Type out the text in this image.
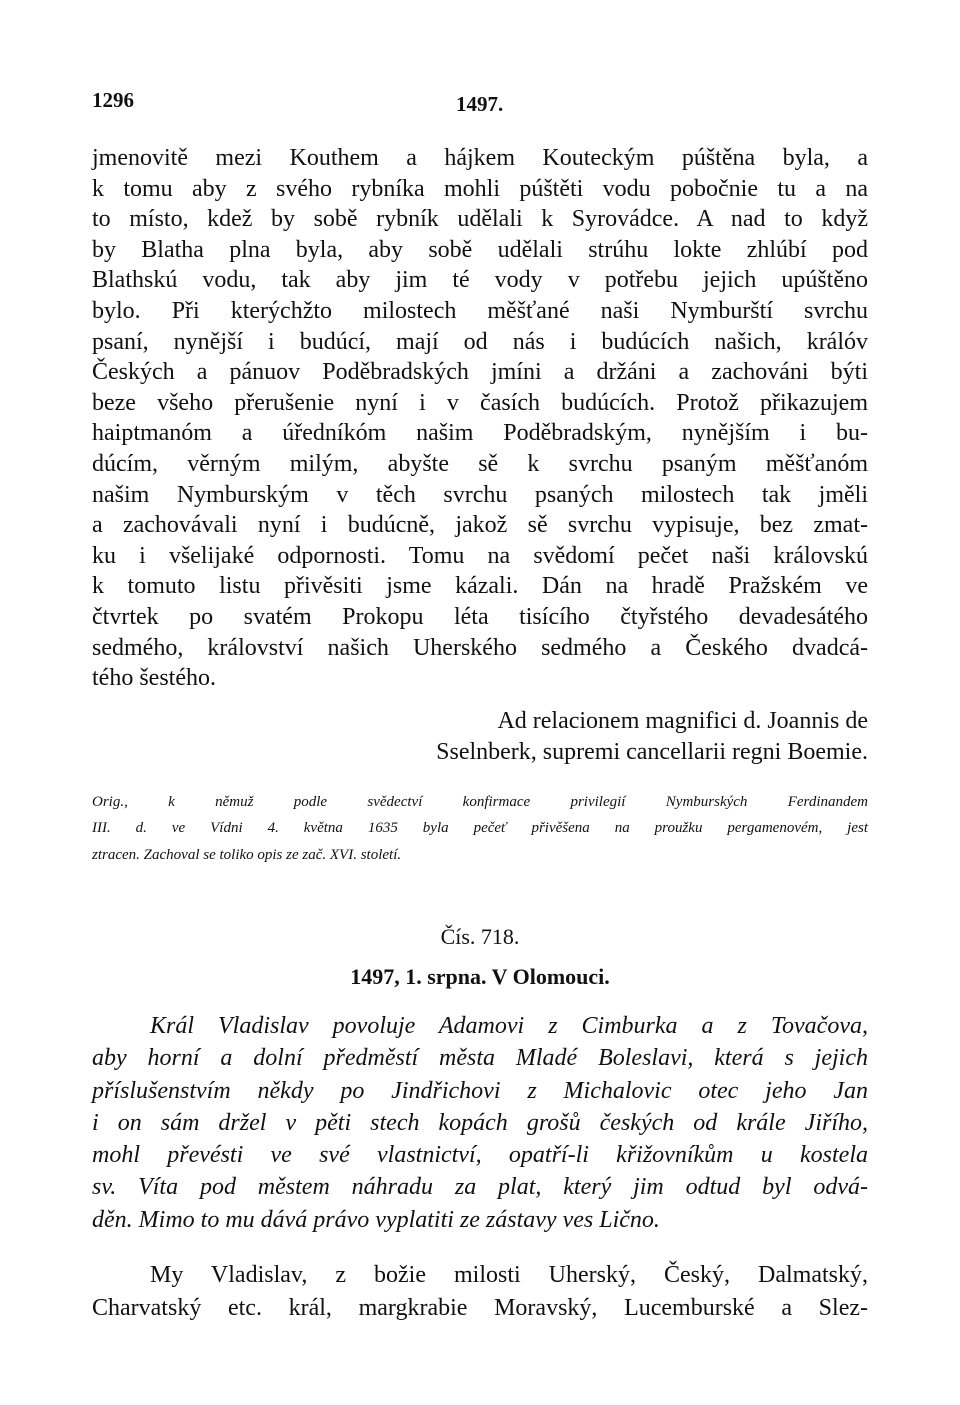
1296	1497.
jmenovitě mezi Kouthem a hájkem Kouteckým púštěna byla, a
k tomu aby z svého rybníka mohli púštěti vodu pobočnie tu a na
to místo, kdež by sobě rybník udělali k Syrovádce. A nad to když
by Blatha plna byla, aby sobě udělali strúhu lokte zhlúbí pod
Blathskú vodu, tak aby jim té vody v potřebu jejich upúštěno
bylo. Při kterýchžto milostech měšťané naši Nymburští svrchu
psaní, nynější i budúcí, mají od nás i budúcích našich, králóv
Českých a pánuov Poděbradských jmíni a držáni a zachováni býti
beze všeho přerušenie nyní i v časích budúcích. Protož přikazujem
haiptmanóm a úředníkóm našim Poděbradským, nynějším i bu-
dúcím, věrným milým, abyšte sě k svrchu psaným měšťanóm
našim Nymburským v těch svrchu psaných milostech tak jměli
a zachovávali nyní i budúcně, jakož sě svrchu vypisuje, bez zmat-
ku i všelijaké odpornosti. Tomu na svědomí pečet naši královskú
k tomuto listu přivěsiti jsme kázali. Dán na hradě Pražském ve
čtvrtek po svatém Prokopu léta tisícího čtyřstého devadesátého
sedmého, království našich Uherského sedmého a Českého dvadcá-
tého šestého.
Ad relacionem magnifici d. Joannis de
Sselnberk, supremi cancellarii regni Boemie.
Orig., k němuž podle svědectví konfirmace privilegií Nymburských Ferdinandem
III. d. ve Vídni 4. května 1635 byla pečeť přivěšena na proužku pergamenovém, jest
ztracen. Zachoval se toliko opis ze zač. XVI. století.
Čís. 718.
1497, 1. srpna. V Olomouci.
Král Vladislav povoluje Adamovi z Cimburka a z Tovačova,
aby horní a dolní předměstí města Mladé Boleslavi, která s jejich
příslušenstvím někdy po Jindřichovi z Michalovic otec jeho Jan
i on sám držel v pěti stech kopách grošů českých od krále Jiřího,
mohl převésti ve své vlastnictví, opatří-li křižovníkům u kostela
sv. Víta pod městem náhradu za plat, který jim odtud byl odvá-
děn. Mimo to mu dává právo vyplatiti ze zástavy ves Lično.
My Vladislav, z božie milosti Uherský, Český, Dalmatský,
Charvatský etc. král, margkrabie Moravský, Lucemburské a Slez-
